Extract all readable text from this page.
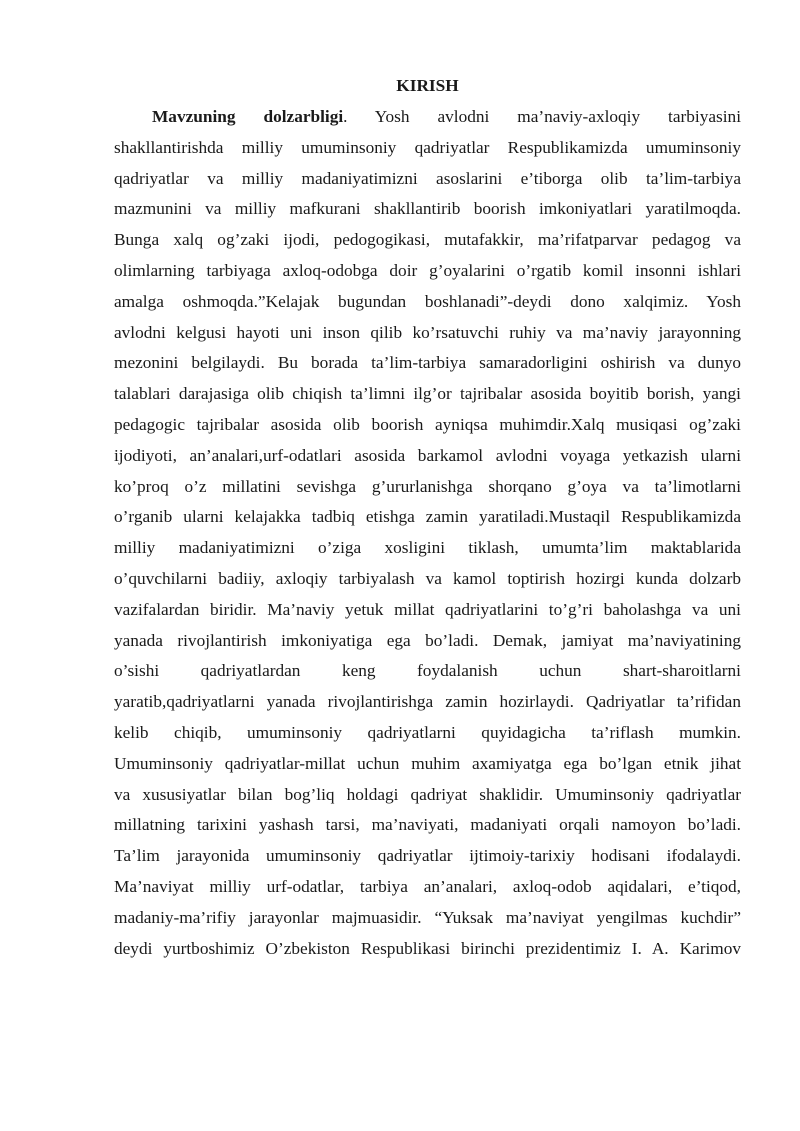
KIRISH
Mavzuning dolzarbligi. Yosh avlodni ma’naviy-axloqiy tarbiyasini
shakllantirishda milliy umuminsoniy qadriyatlar Respublikamizda umuminsoniy
qadriyatlar va milliy madaniyatimizni asoslarini e’tiborga olib ta’lim-tarbiya
mazmunini va milliy mafkurani shakllantirib boorish imkoniyatlari yaratilmoqda.
Bunga xalq og’zaki ijodi, pedogogikasi, mutafakkir, ma’rifatparvar pedagog va
olimlarning tarbiyaga axloq-odobga doir g’oyalarini o’rgatib komil insonni ishlari
amalga oshmoqda.”Kelajak bugundan boshlanadi”-deydi dono xalqimiz. Yosh
avlodni kelgusi hayoti uni inson qilib ko’rsatuvchi ruhiy va ma’naviy jarayonning
mezonini belgilaydi. Bu borada ta’lim-tarbiya samaradorligini oshirish va dunyo
talablari darajasiga olib chiqish ta’limni ilg’or tajribalar asosida boyitib borish, yangi
pedagogic tajribalar asosida olib boorish ayniqsa muhimdir.Xalq musiqasi og’zaki
ijodiyoti, an’analari,urf-odatlari asosida barkamol avlodni voyaga yetkazish ularni
ko’proq o’z millatini sevishga g’ururlanishga shorqano g’oya va ta’limotlarni
o’rganib ularni kelajakka tadbiq etishga zamin yaratiladi.Mustaqil Respublikamizda
milliy madaniyatimizni o’ziga xosligini tiklash, umumta’lim maktablarida
o’quvchilarni badiiy, axloqiy tarbiyalash va kamol toptirish hozirgi kunda dolzarb
vazifalardan biridir. Ma’naviy yetuk millat qadriyatlarini to’g’ri baholashga va uni
yanada rivojlantirish imkoniyatiga ega bo’ladi. Demak, jamiyat ma’naviyatining
o’sishi qadriyatlardan keng foydalanish uchun shart-sharoitlarni
yaratib,qadriyatlarni yanada rivojlantirishga zamin hozirlaydi. Qadriyatlar ta’rifidan
kelib chiqib, umuminsoniy qadriyatlarni quyidagicha ta’riflash mumkin.
Umuminsoniy qadriyatlar-millat uchun muhim axamiyatga ega bo’lgan etnik jihat
va xususiyatlar bilan bog’liq holdagi qadriyat shaklidir. Umuminsoniy qadriyatlar
millatning tarixini yashash tarsi, ma’naviyati, madaniyati orqali namoyon bo’ladi.
Ta’lim jarayonida umuminsoniy qadriyatlar ijtimoiy-tarixiy hodisani ifodalaydi.
Ma’naviyat milliy urf-odatlar, tarbiya an’analari, axloq-odob aqidalari, e’tiqod,
madaniy-ma’rifiy jarayonlar majmuasidir. “Yuksak ma’naviyat yengilmas kuchdir”
deydi yurtboshimiz O’zbekiston Respublikasi birinchi prezidentimiz I. A. Karimov
